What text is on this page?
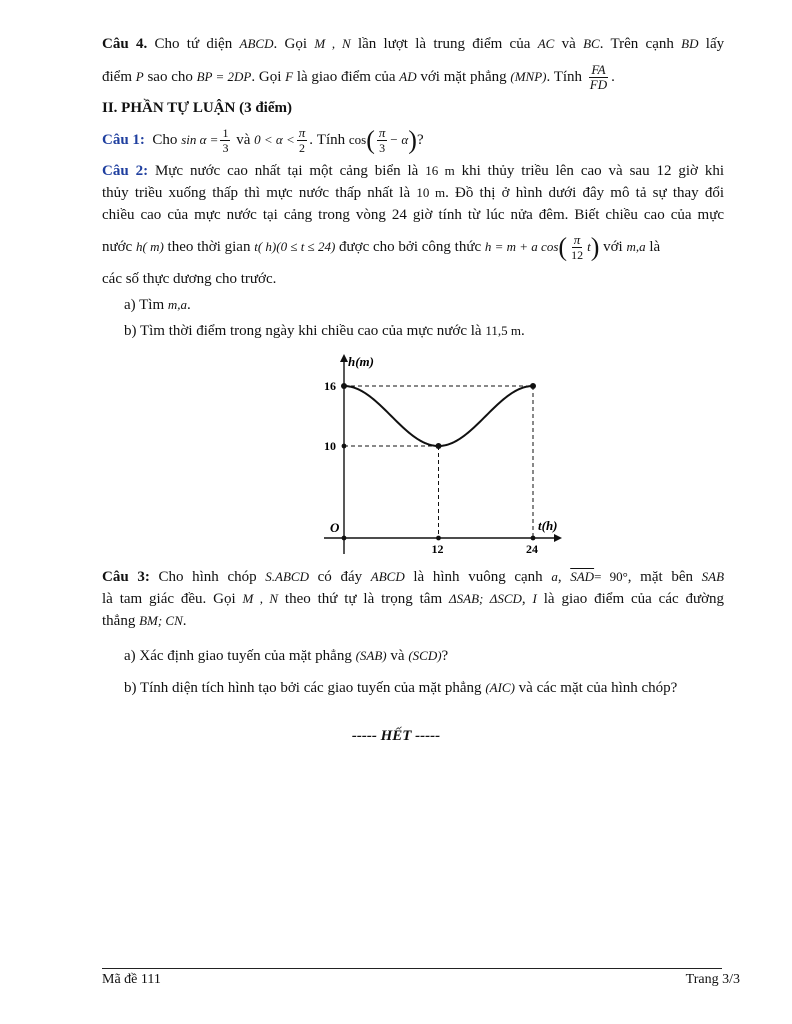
Câu 4. Cho tứ diện ABCD. Gọi M , N lần lượt là trung điểm của AC và BC. Trên cạnh BD lấy
điểm P sao cho BP = 2DP. Gọi F là giao điểm của AD với mặt phẳng (MNP). Tính $\frac{FA}{FD}$ .
II. PHẦN TỰ LUẬN (3 điểm)
Câu 1: Cho $\sin \alpha = \frac{1}{3}$ và $0 < \alpha < \frac{\pi}{2}$ . Tính $\cos( \frac{\pi}{3} - \alpha)$?
Câu 2: Mực nước cao nhất tại một cảng biển là 16 m khi thủy triều lên cao và sau 12 giờ khi
thủy triều xuống thấp thì mực nước thấp nhất là 10 m. Đồ thị ở hình dưới đây mô tả sự thay đổi
chiều cao của mực nước tại cảng trong vòng 24 giờ tính từ lúc nửa đêm. Biết chiều cao của mực
nước h( m) theo thời gian t( h)(0 ≤ t ≤ 24) được cho bởi công thức h = m + a $\cos( \frac{\pi}{12} t)$ với m,a là
các số thực dương cho trước.
a) Tìm m,a.
b) Tìm thời điểm trong ngày khi chiều cao của mực nước là 11,5 m.
h(m)
t(h)
O
16
10
12	24
Câu 3: Cho hình chóp S.ABCD có đáy ABCD là hình vuông cạnh a, $\overline{SAD}= 90^\circ$, mặt bên SAB
là tam giác đều. Gọi M , N theo thứ tự là trọng tâm ΔSAB; ΔSCD, I là giao điểm của các đường
thẳng BM; CN.
a) Xác định giao tuyến của mặt phẳng (SAB) và (SCD)?
b) Tính diện tích hình tạo bởi các giao tuyến của mặt phẳng (AIC) và các mặt của hình chóp?
----- HẾT -----
Mã đề 111	Trang 3/3
